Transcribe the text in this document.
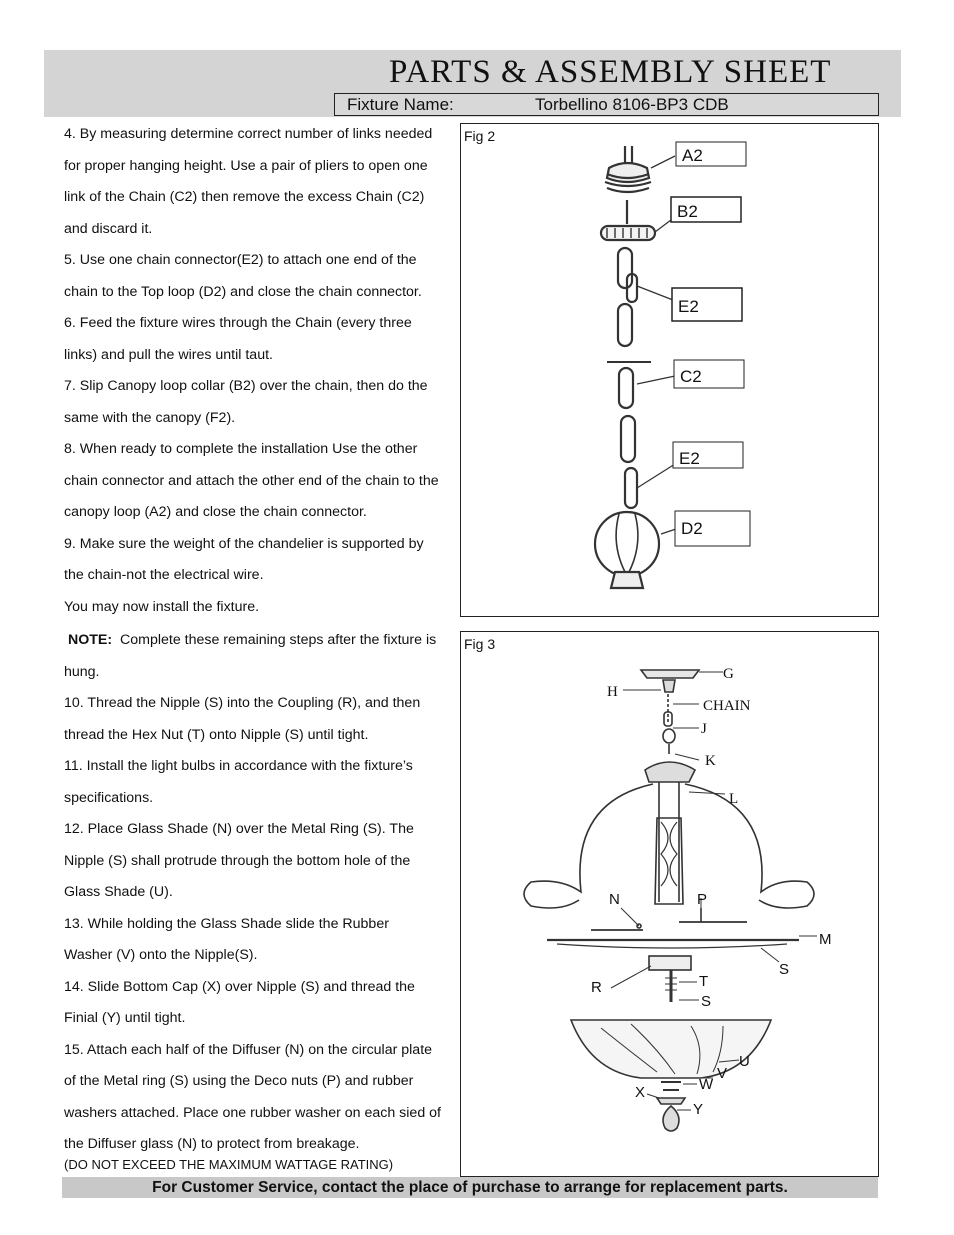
PARTS & ASSEMBLY SHEET
Fixture Name:	Torbellino 8106-BP3 CDB

4. By measuring determine correct number of links needed

for proper hanging height. Use a pair of pliers to open one

link of the Chain (C2) then remove the excess Chain (C2)

and discard it.

5. Use one chain connector(E2) to attach one end of the

chain to the Top loop (D2) and close the chain connector.

6. Feed the fixture wires through the Chain (every three

links) and pull the wires until taut.

7. Slip Canopy loop collar (B2) over the chain, then do the

same with the canopy (F2).

8. When ready to complete the installation Use the other

chain connector and attach the other end of the chain to the

canopy loop (A2) and close the chain connector.

9. Make sure the weight of the chandelier is supported by

the chain-not the electrical wire.

You may now install the fixture.

NOTE: Complete these remaining steps after the fixture is

hung.

10. Thread the Nipple (S) into the Coupling (R), and then

thread the Hex Nut (T) onto Nipple (S) until tight.

11. Install the light bulbs in accordance with the fixture’s

specifications.

12. Place Glass Shade (N) over the Metal Ring (S). The

Nipple (S) shall protrude through the bottom hole of the

Glass Shade (U).

13. While holding the Glass Shade slide the Rubber

Washer (V) onto the Nipple(S).

14. Slide Bottom Cap (X) over Nipple (S) and thread the

Finial (Y) until tight.

15. Attach each half of the Diffuser (N) on the circular plate

of the Metal ring (S) using the Deco nuts (P) and rubber

washers attached. Place one rubber washer on each sied of

the Diffuser glass (N) to protect from breakage.

(DO NOT EXCEED THE MAXIMUM WATTAGE RATING)
Fig 2
A2
B2
E2
C2
E2
D2
Fig 3
G
H
CHAIN
J
K
L
N	P
M
S
T
R
S
U
V
W
X
Y
For Customer Service, contact the place of purchase to arrange for replacement parts.
